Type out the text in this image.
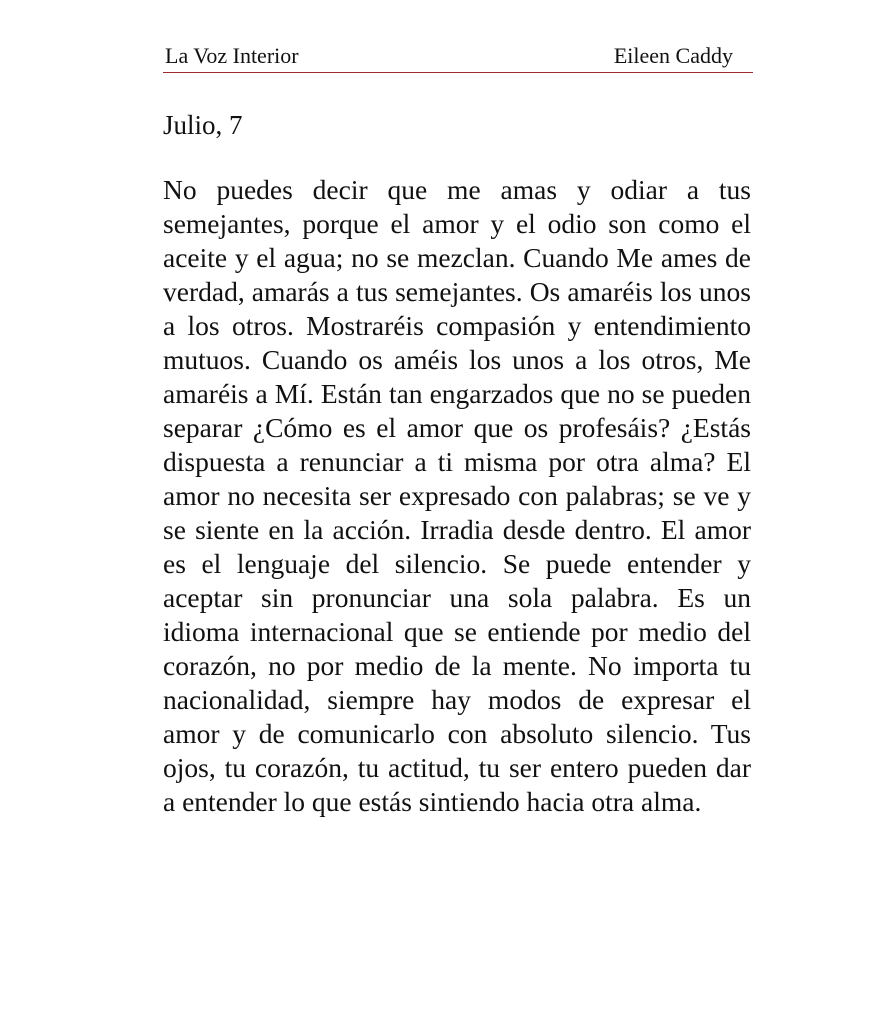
La Voz Interior	Eileen Caddy
Julio, 7

No puedes decir que me amas y odiar a tus semejantes, porque el amor y el odio son como el aceite y el agua; no se mezclan. Cuando Me ames de verdad, amarás a tus semejantes. Os amaréis los unos a los otros. Mostraréis compasión y entendimiento mutuos. Cuando os améis los unos a los otros, Me amaréis a Mí. Están tan engarzados que no se pueden separar ¿Cómo es el amor que os profesáis? ¿Estás dispuesta a renunciar a ti misma por otra alma? El amor no necesita ser expresado con palabras; se ve y se siente en la acción. Irradia desde dentro. El amor es el lenguaje del silencio. Se puede entender y aceptar sin pronunciar una sola palabra. Es un idioma internacional que se entiende por medio del corazón, no por medio de la mente. No importa tu nacionalidad, siempre hay modos de expresar el amor y de comunicarlo con absoluto silencio. Tus ojos, tu corazón, tu actitud, tu ser entero pueden dar a entender lo que estás sintiendo hacia otra alma.
